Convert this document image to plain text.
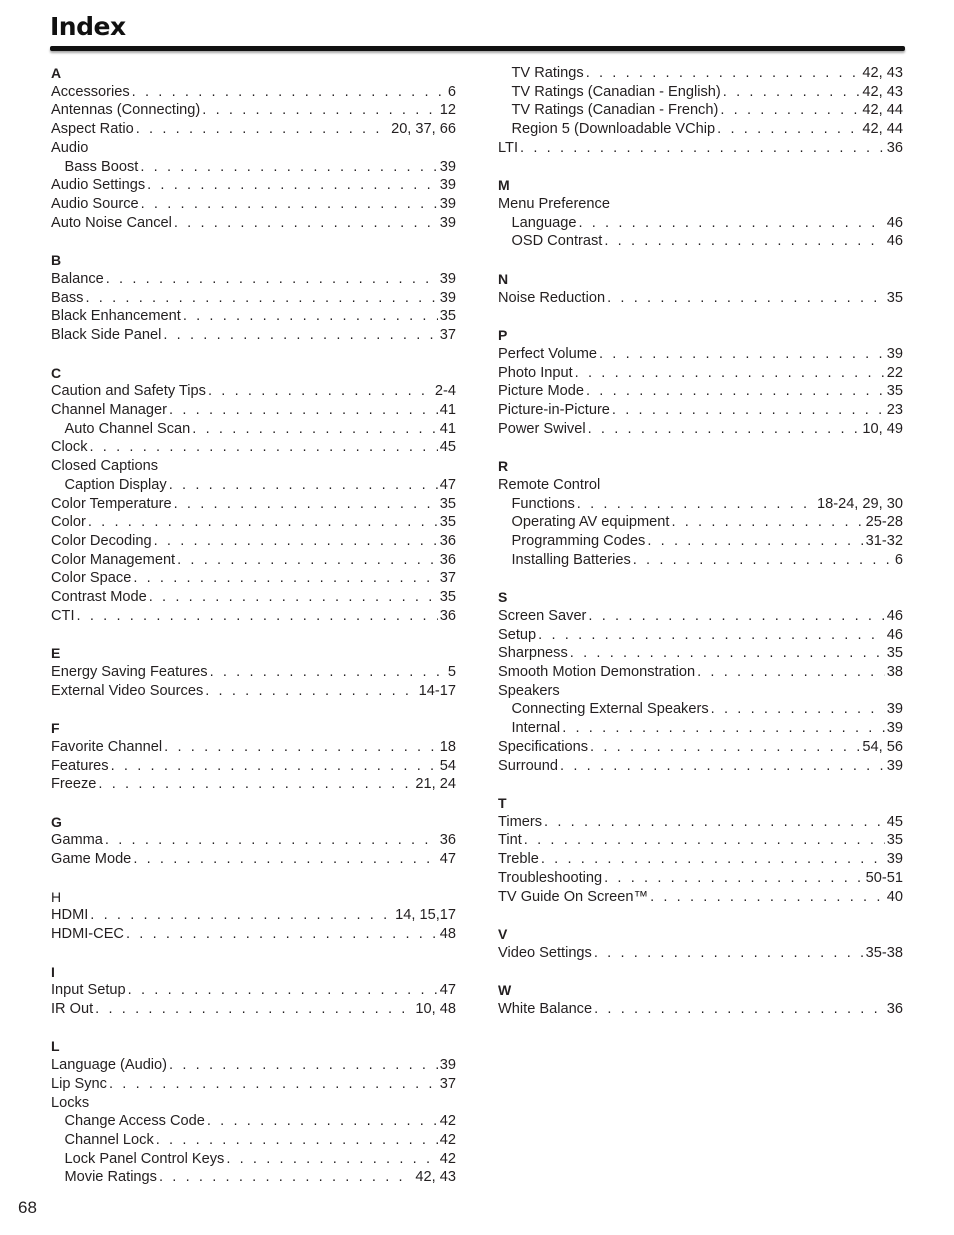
Index
A
Accessories . . .	6
Antennas (Connecting) . . .	12
Aspect Ratio . . .	20, 37, 66
Audio
Bass Boost . . .	39
Audio Settings . . .	39
Audio Source . . .	39
Auto Noise Cancel . . .	39
B
Balance . . .	39
Bass . . .	39
Black Enhancement . . .	35
Black Side Panel . . .	37
C
Caution and Safety Tips . . .	2-4
Channel Manager . . .	41
Auto Channel Scan . . .	41
Clock . . .	45
Closed Captions
Caption Display . . .	47
Color Temperature . . .	35
Color . . .	35
Color Decoding . . .	36
Color Management . . .	36
Color Space . . .	37
Contrast Mode . . .	35
CTI . . .	36
E
Energy Saving Features . . .	5
External Video Sources . . .	14-17
F
Favorite Channel . . .	18
Features . . .	54
Freeze . . .	21, 24
G
Gamma . . .	36
Game Mode . . .	47
H
HDMI . . .	14, 15,17
HDMI-CEC . . .	48
I
Input Setup . . .	47
IR Out . . .	10, 48
L
Language (Audio) . . .	39
Lip Sync . . .	37
Locks
Change Access Code . . .	42
Channel Lock . . .	42
Lock Panel Control Keys . . .	42
Movie Ratings . . .	42, 43
TV Ratings . . .	42, 43
TV Ratings (Canadian - English) . . .	42, 43
TV Ratings (Canadian - French) . . .	42, 44
Region 5 (Downloadable VChip . . .	42, 44
LTI . . .	36
M
Menu Preference
Language . . .	46
OSD Contrast . . .	46
N
Noise Reduction . . .	35
P
Perfect Volume . . .	39
Photo Input . . .	22
Picture Mode . . .	35
Picture-in-Picture . . .	23
Power Swivel . . .	10, 49
R
Remote Control
Functions . . .	18-24, 29, 30
Operating AV equipment . . .	25-28
Programming Codes . . .	31-32
Installing Batteries . . .	6
S
Screen Saver . . .	46
Setup . . .	46
Sharpness . . .	35
Smooth Motion Demonstration . . .	38
Speakers
Connecting External Speakers . . .	39
Internal . . .	39
Specifications . . .	54, 56
Surround . . .	39
T
Timers . . .	45
Tint . . .	35
Treble . . .	39
Troubleshooting . . .	50-51
TV Guide On Screen™ . . .	40
V
Video Settings . . .	35-38
W
White Balance . . .	36
68
